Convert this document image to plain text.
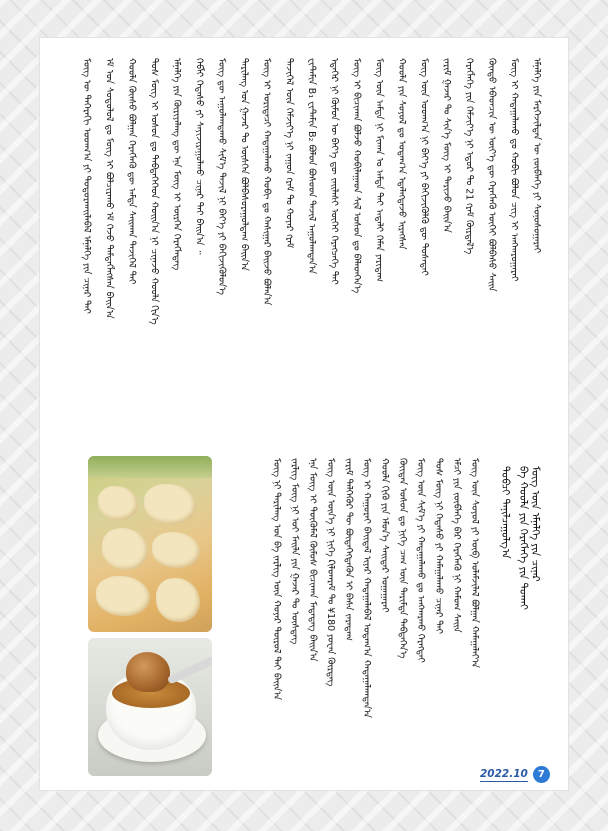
ᠮᠥᠭ ᠦ ᠳᠡᠭᠡᠷᠡᠬᠢ ᠤᠳᠬ᠎ᠠ ᠶᠢ ᠲᠣᠳᠣᠷᠬᠠᠢᠯᠠᠪᠠᠯ ᠡᠮᠨᠡᠯᠭᠡ ᠶᠢᠨ ᠴᠢᠨᠠᠷ ᠲᠠᠢ ᠡᠮ ᠤᠨ ᠰᠤᠳᠤᠯᠤᠯ ᠳᠤ ᠮᠥᠭ ᠢ ᠪᠤᠯᠴᠢᠷᠠᠬᠤ ᠡᠮ ᠭᠡᠵᠦ ᠲᠡᠮᠳᠡᠭᠯᠡᠭᠰᠡᠨ ᠪᠠᠢᠨ᠎ᠠ ᠬᠣᠣᠯᠠ ᠬᠦᠨᠰᠦ ᠪᠣᠯᠭᠠᠨ ᠬᠡᠷᠡᠭᠯᠡᠬᠦ ᠳᠦ ᠠᠮᠲᠠ ᠰᠠᠢᠬᠠᠨ ᠲᠡᠵᠢᠭᠡᠯ ᠲᠠᠢ ᠲᠤᠰ ᠮᠥᠭ ᠢ ᠤᠰᠤᠨ ᠳᠤ ᠳᠡᠪᠲᠡᠭᠡᠭᠡᠳ ᠬᠣᠢᠨ᠎ᠠ ᠨᠢ ᠴᠢᠨᠠᠵᠤ ᠬᠣᠣᠯᠠ ᠬᠢᠨ᠎ᠡ ᠡᠮᠨᠡᠯᠭᠡ ᠶᠢᠨ ᠬᠦᠷᠢᠶᠡᠯᠡᠩ ᠳᠦ ᠡᠨᠡ ᠮᠥᠭ ᠢ ᠥᠷᠭᠡᠨ ᠬᠡᠷᠡᠭᠯᠡᠳᠡᠭ ᠬᠡᠪᠯᠢ ᠭᠡᠳᠡᠰᠦ ᠶᠢ ᠰᠠᠶᠢᠵᠢᠷᠠᠭᠤᠯᠬᠤ ᠴᠢᠨᠠᠷ ᠲᠠᠢ ᠪᠠᠢᠨ᠎ᠠ ᠃ ᠮᠥᠭ ᠳᠦ ᠠᠭᠤᠯᠠᠭᠳᠠᠬᠤ ᠰᠢᠮ᠎ᠡ ᠲᠡᠵᠢᠯ ᠨᠢ ᠪᠡᠶ᠎ᠡ ᠶᠢ ᠪᠡᠬᠢᠵᠢᠭᠦᠯᠦᠨ᠎ᠡ ᠲᠠᠷᠢᠯᠠᠩ ᠤᠨ ᠭᠠᠵᠠᠷ ᠲᠤ ᠥᠰᠬᠡᠨ ᠪᠣᠯᠪᠠᠰᠤᠷᠠᠭᠤᠯᠳᠠᠭ ᠪᠠᠢᠨ᠎ᠠ ᠮᠥᠭ ᠢ ᠤᠷᠢᠳᠠᠴᠢ ᠬᠠᠳᠠᠭᠠᠯᠠᠬᠤ ᠬᠤᠪᠢ ᠳᠤ ᠬᠠᠰᠢᠭᠠᠷ ᠪᠠᠢᠵᠤ ᠪᠣᠯᠠᠨ᠎ᠠ ᠲᠡᠵᠢᠭᠡᠯ ᠦᠨ ᠬᠡᠮᠵᠢᠶ᠎ᠡ ᠨᠢ ᠵᠠᠭᠤᠨ ᠭᠷᠠᠮ ᠲᠤ ᠬᠣᠶᠠᠷ ᠭᠷᠠᠮ ᠸᠢᠲ᠋ᠠᠮᠢᠨ B₁ ᠸᠢᠲ᠋ᠠᠮᠢᠨ B₂ ᠪᠣᠯᠤᠨ ᠪᠤᠰᠤᠳ ᠲᠡᠵᠢᠯ ᠠᠭᠤᠯᠠᠭᠳᠠᠨ᠎ᠠ ᠡᠳᠡᠭᠡᠷ ᠨᠢ ᠬᠦᠮᠦᠨ ᠦ ᠪᠡᠶ᠎ᠡ ᠳᠦ ᠵᠠᠢᠯᠠᠰᠢ ᠦᠭᠡᠢ ᠬᠡᠷᠡᠭᠴᠡᠭᠡ ᠲᠠᠢ ᠮᠥᠭ ᠢ ᠪᠢᠴᠢᠬᠠᠨ ᠪᠣᠯᠵᠤ ᠬᠤᠪᠢᠯᠠᠭᠠᠳ ᠰᠢᠯ ᠤᠰᠤᠨ ᠳᠤ ᠪᠡᠯᠡᠳᠬᠡᠨ᠎ᠡ ᠮᠥᠭ ᠦᠨ ᠠᠮᠲᠠ ᠨᠢ ᠮᠢᠬᠠᠨ ᠤ ᠠᠮᠲᠠ ᠲᠠᠢ ᠠᠳᠠᠯᠢ ᠬᠡᠮᠡᠨ ᠶᠠᠷᠢᠳᠠᠭ ᠬᠣᠣᠯᠠ ᠶᠢᠨ ᠰᠣᠶᠣᠯ ᠳᠤ ᠤᠳᠠᠭ᠎ᠠ ᠡᠳᠡᠯᠡᠭᠳᠡᠵᠦ ᠢᠷᠡᠭᠰᠡᠨ ᠮᠥᠭ ᠦᠨ ᠤᠳᠬ᠎ᠠ ᠨᠢ ᠪᠡᠶ᠎ᠡ ᠶᠢ ᠪᠡᠬᠢᠵᠢᠭᠦᠯᠬᠦ ᠳᠦ ᠲᠤᠰᠠᠲᠠᠢ ᠵᠠᠷᠢᠮ ᠭᠠᠵᠠᠷ ᠲᠤ ᠰᠢᠨ᠎ᠡ ᠮᠥᠭ ᠢ ᠲᠠᠷᠢᠵᠤ ᠪᠠᠢᠨ᠎ᠠ ᠬᠡᠷᠡᠭᠯᠡᠭᠡ ᠶᠢᠨ ᠬᠡᠮᠵᠢᠶ᠎ᠡ ᠨᠢ ᠡᠳᠦᠷ ᠲᠤ 21 ᠭᠷᠠᠮ ᠬᠦᠷᠲᠡᠯ᠎ᠡ ᠬᠦᠨᠳᠦ ᠡᠪᠡᠳᠴᠢᠨ ᠦ ᠦᠶ᠎ᠡ ᠳᠦ ᠬᠡᠷᠡᠭᠯᠡᠬᠦ ᠦᠭᠡᠢ ᠪᠣᠯᠪᠠᠰᠤ ᠰᠠᠢᠨ ᠮᠥᠭ ᠢ ᠬᠠᠳᠠᠭᠠᠯᠠᠬᠤ ᠳᠤ ᠬᠤᠪᠢ ᠪᠣᠯᠤᠨ ᠴᠢᠭ ᠢ ᠠᠩᠬᠠᠷᠤᠭᠠᠷᠠᠢ ᠡᠮᠨᠡᠯᠭᠡ ᠶᠢᠨ ᠮᠡᠷᠭᠡᠵᠢᠯᠲᠡᠨ ᠦ ᠵᠥᠪᠯᠡᠭᠡ ᠶᠢ ᠰᠣᠨᠣᠰᠣᠭᠠᠷᠠᠢ
ᠮᠥᠭ ᠦᠨ ᠡᠮᠨᠡᠯᠭᠡ ᠶᠢᠨ ᠴᠢᠨᠠᠷ
ᠪᠠ ᠬᠣᠣᠯᠠ ᠶᠢᠨ ᠬᠡᠷᠡᠭᠯᠡᠭᠡ ᠶᠢᠨ ᠲᠤᠬᠠᠢ
ᠲᠣᠪᠴᠢ ᠲᠠᠨᠢᠯᠴᠠᠭᠤᠯᠭ᠎ᠠ
ᠮᠥᠭ ᠨᠢ ᠲᠠᠷᠢᠯᠠᠩ ᠤᠨ ᠪᠠ ᠵᠡᠷᠯᠢᠭ ᠦᠨ ᠬᠣᠶᠠᠷ ᠲᠥᠷᠥᠯ ᠲᠠᠢ ᠪᠠᠢᠨ᠎ᠠ ᠵᠡᠷᠯᠢᠭ ᠮᠥᠭ ᠨᠢ ᠣᠢ ᠮᠠᠢᠯᠠ ᠶᠢᠨ ᠭᠠᠵᠠᠷ ᠲᠤ ᠥᠰᠳᠡᠭ ᠡᠨᠡ ᠮᠥᠭ ᠢ ᠲᠦᠭᠦᠮᠡᠯ ᠬᠦᠮᠦᠰ ᠪᠢᠴᠢᠬᠠᠨ ᠮᠡᠳᠡᠳᠡᠭ ᠪᠠᠢᠨ᠎ᠠ ᠮᠥᠭ ᠦᠨ ᠦᠨ᠎ᠡ ᠨᠢ ᠨᠢᠭᠡ ᠺᠢᠯᠣᠭᠷᠠᠮ ᠲᠤ ¥180 ᠶᠤᠸᠠᠨ ᠬᠦᠷᠳᠡᠭ ᠵᠠᠷᠢᠮ ᠳᠡᠯᠭᠡᠭᠦᠷ ᠲᠦ ᠪᠦᠲᠡᠭᠡᠭᠳᠡᠬᠦᠨ ᠢ ᠪᠠᠰᠠ ᠵᠠᠷᠠᠳᠠᠭ ᠮᠥᠭ ᠢ ᠬᠠᠭᠤᠷᠠᠢ ᠪᠠᠢᠳᠠᠯ ᠢᠶᠡᠷ ᠬᠠᠳᠠᠭᠠᠯᠠᠪᠠᠯ ᠤᠳᠠᠭ᠎ᠠ ᠬᠠᠳᠠᠭᠠᠯᠠᠭᠳᠠᠨ᠎ᠠ ᠬᠣᠣᠯᠠ ᠬᠢᠬᠦ ᠶᠢᠨ ᠡᠮᠦᠨ᠎ᠡ ᠰᠠᠢᠲᠠᠷ ᠤᠭᠠᠭᠠᠷᠠᠢ ᠬᠦᠢᠲᠡᠨ ᠤᠰᠤᠨ ᠳᠤ ᠨᠢᠭᠡ ᠴᠠᠭ ᠦᠨ ᠳᠠᠷᠢᠮᠳᠠ ᠳᠡᠪᠲᠡᠭᠡᠨ᠎ᠡ ᠮᠥᠭ ᠦᠨ ᠰᠢᠮ᠎ᠡ ᠶᠢ ᠬᠠᠳᠠᠭᠠᠯᠠᠬᠤ ᠳᠤ ᠠᠩᠬᠠᠷᠬᠤ ᠬᠡᠷᠡᠭᠲᠡᠢ ᠲᠤᠰ ᠮᠥᠭ ᠨᠢ ᠭᠡᠳᠡᠰᠦ ᠶᠢ ᠬᠠᠮᠠᠭᠠᠯᠠᠬᠤ ᠴᠢᠨᠠᠷ ᠲᠠᠢ ᠡᠮᠴᠢ ᠶᠢᠨ ᠵᠥᠪᠯᠡᠭᠡ ᠪᠡᠷ ᠬᠡᠷᠡᠭᠯᠡᠬᠦ ᠨᠢ ᠬᠠᠮᠤᠭ ᠰᠠᠢᠨ ᠮᠥᠭ ᠦᠨ ᠰᠣᠶᠣᠯ ᠶᠢ ᠥᠪ ᠤᠯᠠᠮᠵᠢᠯᠠᠯ ᠪᠣᠯᠭᠠᠨ ᠬᠠᠮᠠᠭᠠᠯᠠᠶ᠎ᠠ
2022.10	7
